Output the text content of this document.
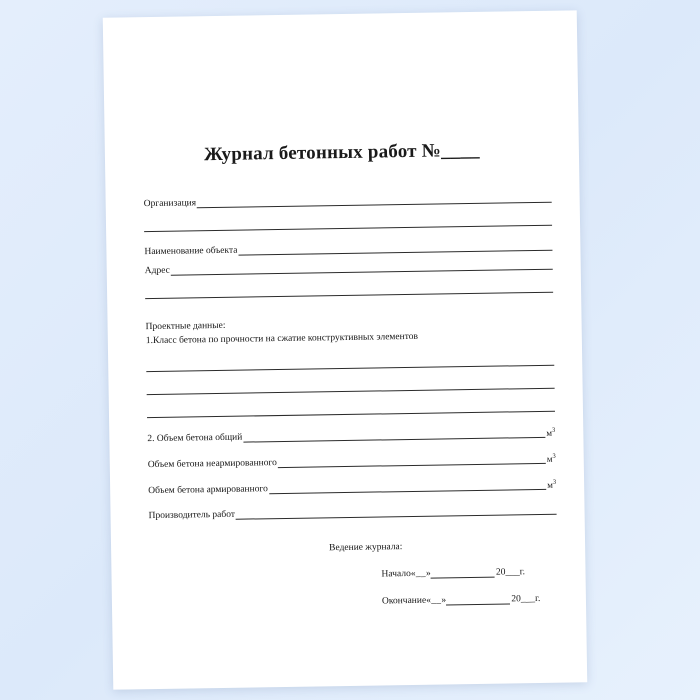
Журнал бетонных работ №____
Организация
Наименование объекта
Адрес
Проектные данные:
1.Класс бетона по прочности на сжатие конструктивных элементов
2. Объем бетона общий	$м^3$
Объем бетона неармированного	$м^3$
Объем бетона армированного	$м^3$
Производитель работ
Ведение журнала:
Начало «__»	20___г.
Окончание «__»	20___г.
